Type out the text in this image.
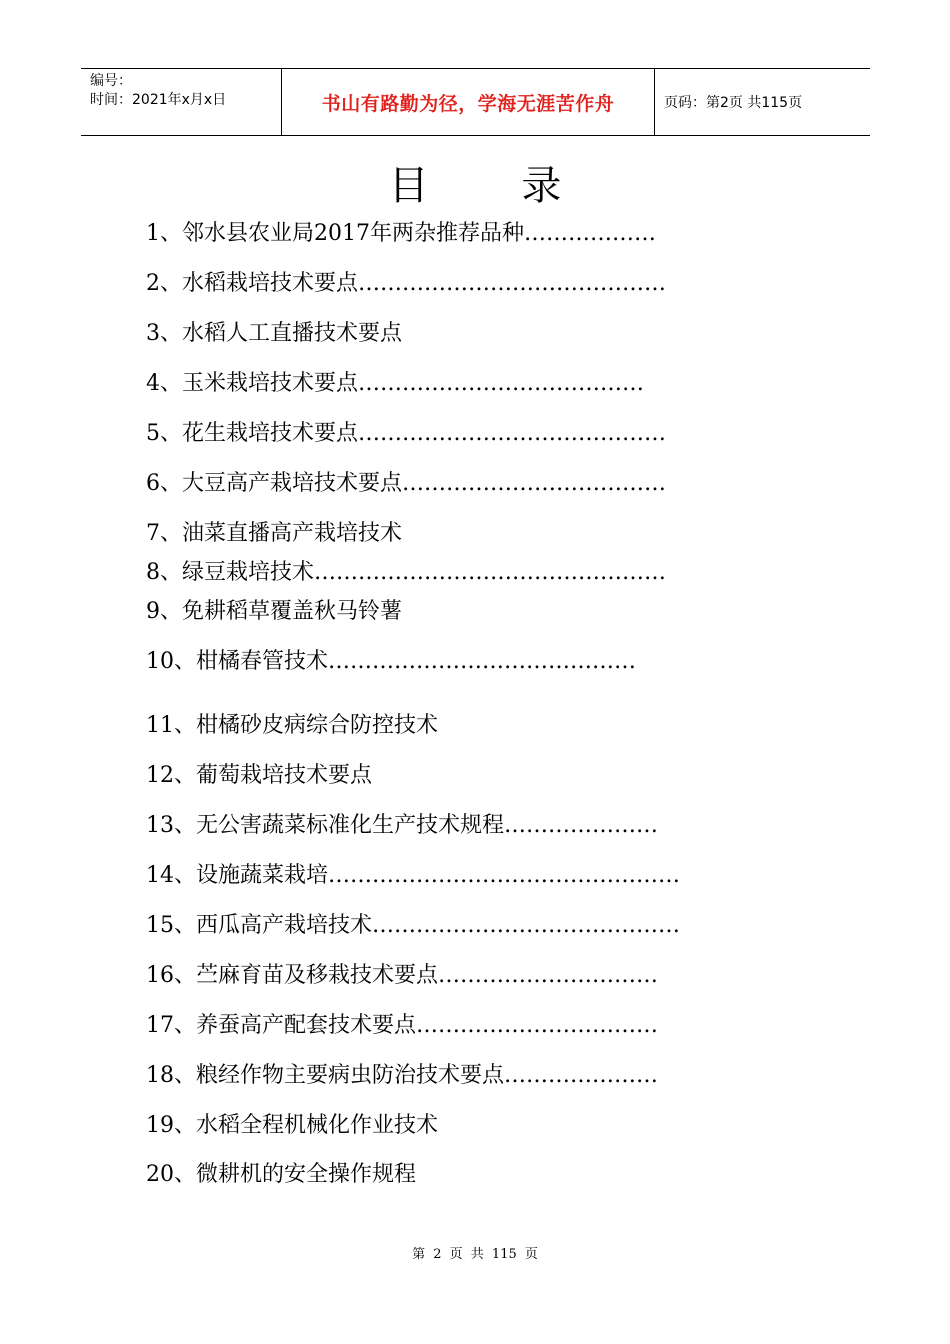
编号：
时间：2021年x月x日	书山有路勤为径，学海无涯苦作舟	页码：第2页 共115页
目 录
1、邻水县农业局2017年两杂推荐品种………………
2、水稻栽培技术要点……………………………………
3、水稻人工直播技术要点
4、玉米栽培技术要点…………………………………
5、花生栽培技术要点……………………………………
6、大豆高产栽培技术要点………………………………
7、油菜直播高产栽培技术
8、绿豆栽培技术…………………………………………
9、免耕稻草覆盖秋马铃薯
10、柑橘春管技术……………………………………
11、柑橘砂皮病综合防控技术
12、葡萄栽培技术要点
13、无公害蔬菜标准化生产技术规程…………………
14、设施蔬菜栽培…………………………………………
15、西瓜高产栽培技术……………………………………
16、苎麻育苗及移栽技术要点…………………………
17、养蚕高产配套技术要点……………………………
18、粮经作物主要病虫防治技术要点…………………
19、水稻全程机械化作业技术
20、微耕机的安全操作规程
第 2 页 共 115 页
